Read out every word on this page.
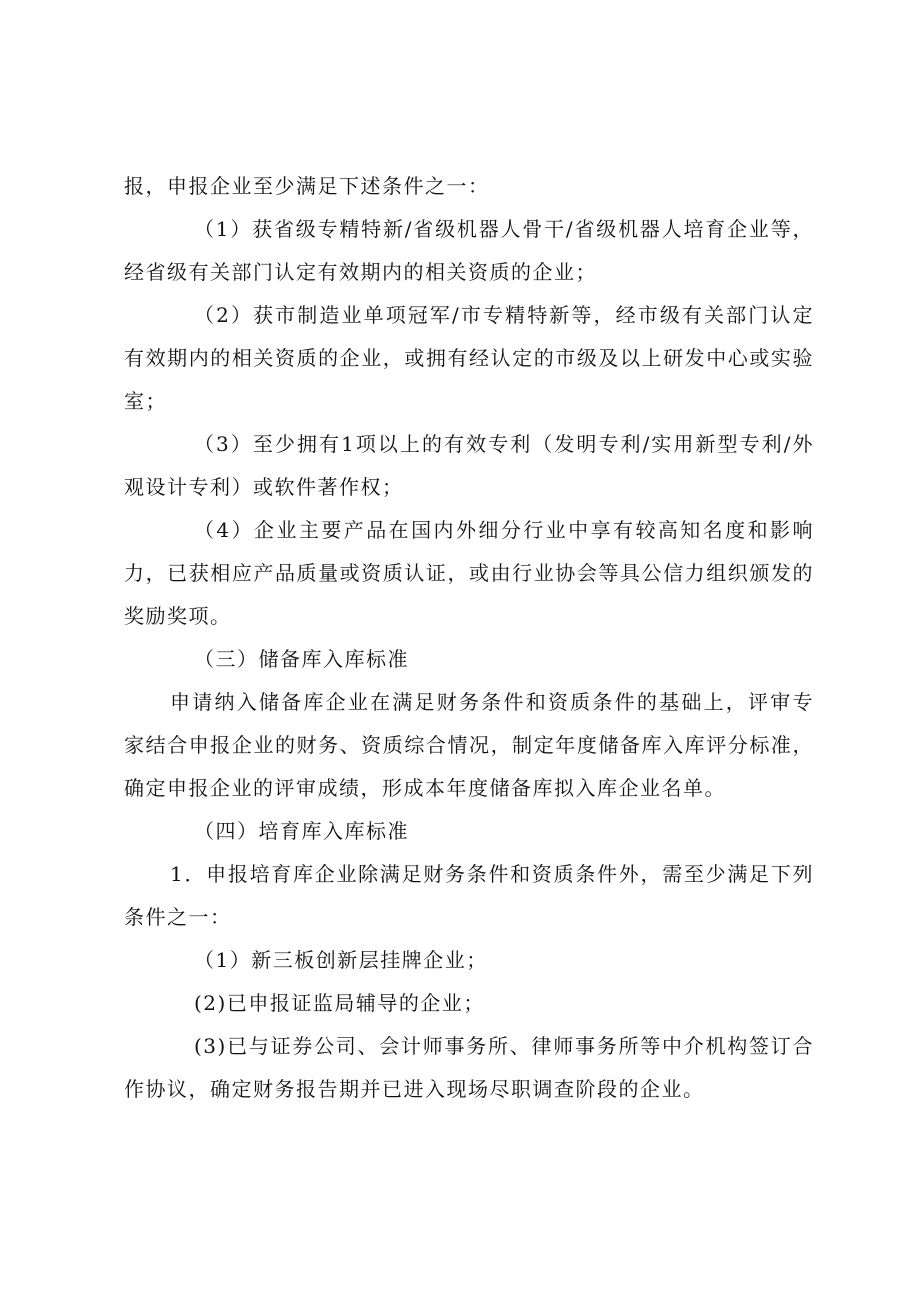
报，申报企业至少满足下述条件之一：

（1）获省级专精特新/省级机器人骨干/省级机器人培育企业等，经省级有关部门认定有效期内的相关资质的企业；

（2）获市制造业单项冠军/市专精特新等，经市级有关部门认定有效期内的相关资质的企业，或拥有经认定的市级及以上研发中心或实验室；

（3）至少拥有1项以上的有效专利（发明专利/实用新型专利/外观设计专利）或软件著作权；

（4）企业主要产品在国内外细分行业中享有较高知名度和影响力，已获相应产品质量或资质认证，或由行业协会等具公信力组织颁发的奖励奖项。

（三）储备库入库标准

申请纳入储备库企业在满足财务条件和资质条件的基础上，评审专家结合申报企业的财务、资质综合情况，制定年度储备库入库评分标准，确定申报企业的评审成绩，形成本年度储备库拟入库企业名单。

（四）培育库入库标准

1．申报培育库企业除满足财务条件和资质条件外，需至少满足下列条件之一：

（1）新三板创新层挂牌企业；

(2)已申报证监局辅导的企业；

(3)已与证券公司、会计师事务所、律师事务所等中介机构签订合作协议，确定财务报告期并已进入现场尽职调查阶段的企业。
